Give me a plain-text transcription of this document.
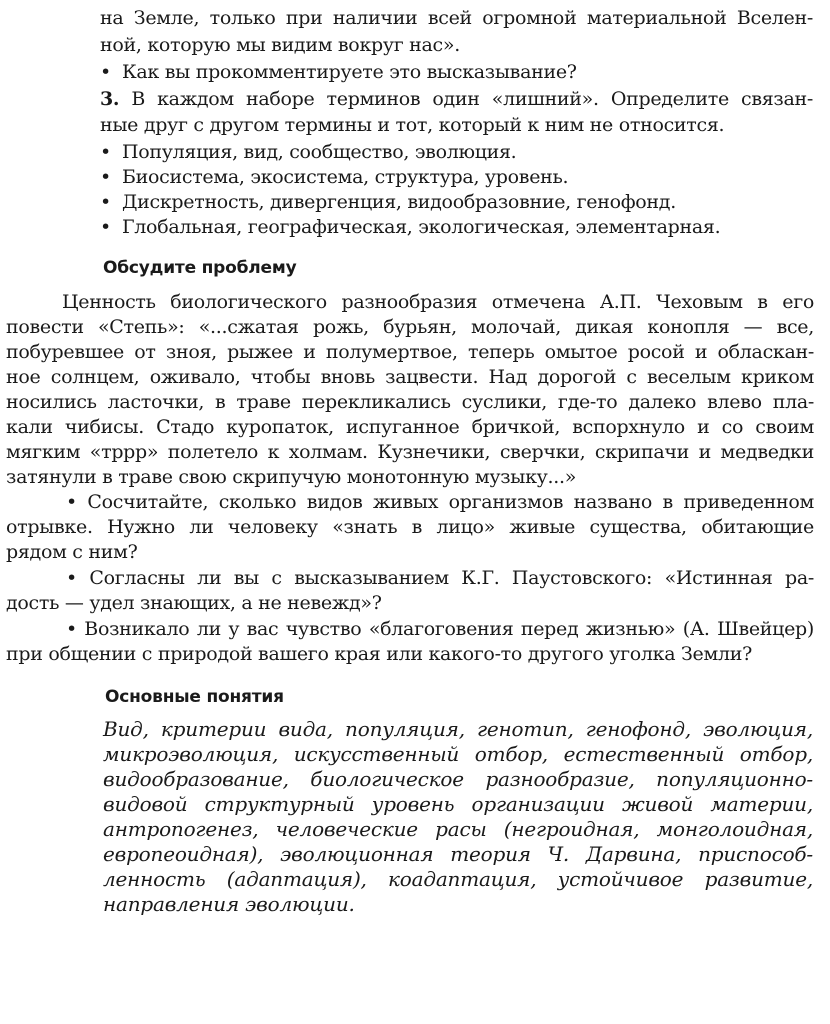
на Земле, только при наличии всей огромной материальной Вселен-
ной, которую мы видим вокруг нас».
• Как вы прокомментируете это высказывание?
3. В каждом наборе терминов один «лишний». Определите связан-
ные друг с другом термины и тот, который к ним не относится.
• Популяция, вид, сообщество, эволюция.
• Биосистема, экосистема, структура, уровень.
• Дискретность, дивергенция, видообразовние, генофонд.
• Глобальная, географическая, экологическая, элементарная.
Обсудите проблему
Ценность биологического разнообразия отмечена А.П. Чеховым в его
повести «Степь»: «...сжатая рожь, бурьян, молочай, дикая конопля — все,
побуревшее от зноя, рыжее и полумертвое, теперь омытое росой и обласкан-
ное солнцем, оживало, чтобы вновь зацвести. Над дорогой с веселым криком
носились ласточки, в траве перекликались суслики, где-то далеко влево пла-
кали чибисы. Стадо куропаток, испуганное бричкой, вспорхнуло и со своим
мягким «тррр» полетело к холмам. Кузнечики, сверчки, скрипачи и медведки
затянули в траве свою скрипучую монотонную музыку...»
• Сосчитайте, сколько видов живых организмов названо в приведенном
отрывке. Нужно ли человеку «знать в лицо» живые существа, обитающие
рядом с ним?
• Согласны ли вы с высказыванием К.Г. Паустовского: «Истинная ра-
дость — удел знающих, а не невежд»?
• Возникало ли у вас чувство «благоговения перед жизнью» (А. Швейцер)
при общении с природой вашего края или какого-то другого уголка Земли?
Основные понятия
Вид, критерии вида, популяция, генотип, генофонд, эволюция,
микроэволюция, искусственный отбор, естественный отбор,
видообразование, биологическое разнообразие, популяционно-
видовой структурный уровень организации живой материи,
антропогенез, человеческие расы (негроидная, монголоидная,
европеоидная), эволюционная теория Ч. Дарвина, приспособ-
ленность (адаптация), коадаптация, устойчивое развитие,
направления эволюции.
